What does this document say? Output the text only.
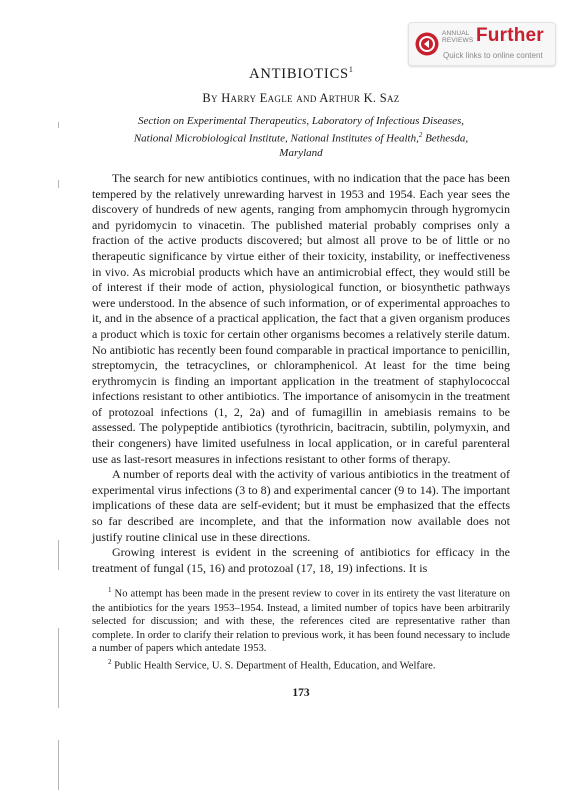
ANNUAL
REVIEWS Further
Quick links to online content
ANTIBIOTICS$^1$
By Harry Eagle and Arthur K. Saz
Section on Experimental Therapeutics, Laboratory of Infectious Diseases, National Microbiological Institute, National Institutes of Health,$^2$ Bethesda, Maryland

The search for new antibiotics continues, with no indication that the pace has been tempered by the relatively unrewarding harvest in 1953 and 1954. Each year sees the discovery of hundreds of new agents, ranging from amphomycin through hygromycin and pyridomycin to vinacetin. The published material probably comprises only a fraction of the active products discovered; but almost all prove to be of little or no therapeutic significance by virtue either of their toxicity, instability, or ineffectiveness in vivo. As microbial products which have an antimicrobial effect, they would still be of interest if their mode of action, physiological function, or biosynthetic pathways were understood. In the absence of such information, or of experimental approaches to it, and in the absence of a practical application, the fact that a given organism produces a product which is toxic for certain other organisms becomes a relatively sterile datum. No antibiotic has recently been found comparable in practical importance to penicillin, streptomycin, the tetracyclines, or chloramphenicol. At least for the time being erythromycin is finding an important application in the treatment of staphylococcal infections resistant to other antibiotics. The importance of anisomycin in the treatment of protozoal infections (1, 2, 2a) and of fumagillin in amebiasis remains to be assessed. The polypeptide antibiotics (tyrothricin, bacitracin, subtilin, polymyxin, and their congeners) have limited usefulness in local application, or in careful parenteral use as last-resort measures in infections resistant to other forms of therapy.

A number of reports deal with the activity of various antibiotics in the treatment of experimental virus infections (3 to 8) and experimental cancer (9 to 14). The important implications of these data are self-evident; but it must be emphasized that the effects so far described are incomplete, and that the information now available does not justify routine clinical use in these directions.

Growing interest is evident in the screening of antibiotics for efficacy in the treatment of fungal (15, 16) and protozoal (17, 18, 19) infections. It is

$^1$ No attempt has been made in the present review to cover in its entirety the vast literature on the antibiotics for the years 1953–1954. Instead, a limited number of topics have been arbitrarily selected for discussion; and with these, the references cited are representative rather than complete. In order to clarify their relation to previous work, it has been found necessary to include a number of papers which antedate 1953.

$^2$ Public Health Service, U. S. Department of Health, Education, and Welfare.

173
